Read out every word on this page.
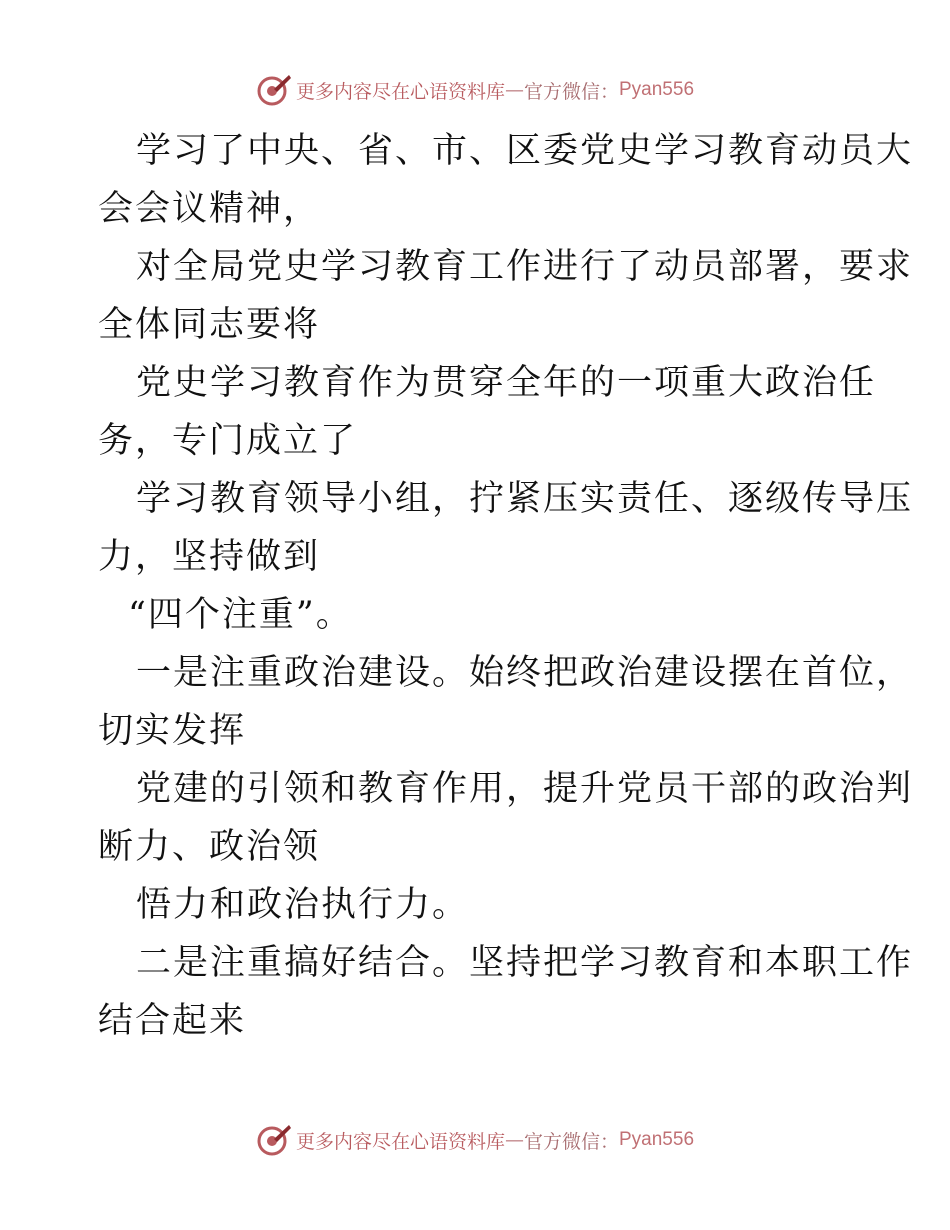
更多内容尽在心语资料库 — 官方微信： Pyan556

学习了中央、省、市、区委党史学习教育动员大

会会议精神，

对全局党史学习教育工作进行了动员部署，要求

全体同志要将

党史学习教育作为贯穿全年的一项重大政治任

务，专门成立了

学习教育领导小组，拧紧压实责任、逐级传导压

力，坚持做到

“四个注重”。

一是注重政治建设。始终把政治建设摆在首位，

切实发挥

党建的引领和教育作用，提升党员干部的政治判

断力、政治领

悟力和政治执行力。

二是注重搞好结合。坚持把学习教育和本职工作

结合起来

更多内容尽在心语资料库 — 官方微信： Pyan556
